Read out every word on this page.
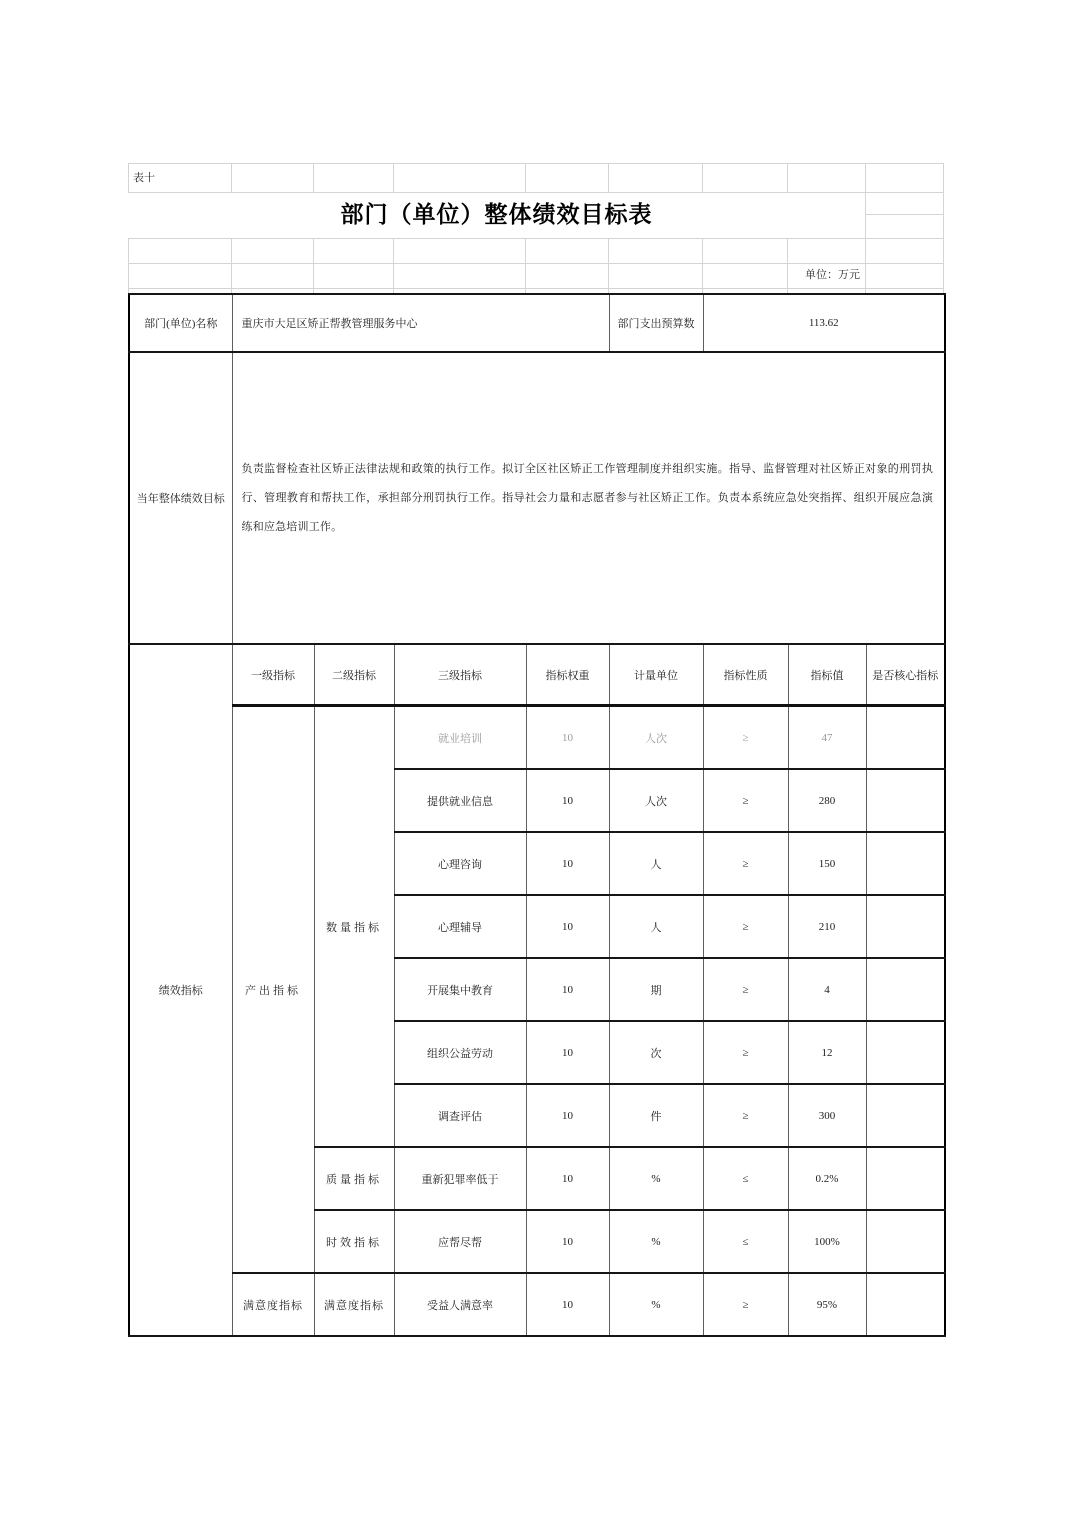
表十
部门（单位）整体绩效目标表
单位：万元
部门(单位)名称	重庆市大足区矫正帮教管理服务中心				部门支出预算数	113.62		
当年整体绩效目标	负责监督检查社区矫正法律法规和政策的执行工作。拟订全区社区矫正工作管理制度并组织实施。指导、监督管理对社区矫正对象的刑罚执行、管理教育和帮扶工作，承担部分刑罚执行工作。指导社会力量和志愿者参与社区矫正工作。负责本系统应急处突指挥、组织开展应急演练和应急培训工作。							
绩效指标	一级指标	二级指标	三级指标	指标权重	计量单位	指标性质	指标值	是否核心指标
	产出指标	数量指标	就业培训	10	人次	≥	47	
			提供就业信息	10	人次	≥	280	
			心理咨询	10	人	≥	150	
			心理辅导	10	人	≥	210	
			开展集中教育	10	期	≥	4	
			组织公益劳动	10	次	≥	12	
			调查评估	10	件	≥	300	
		质量指标	重新犯罪率低于	10	%	≤	0.2%	
		时效指标	应帮尽帮	10	%	≤	100%	
	满意度指标	满意度指标	受益人满意率	10	%	≥	95%	
